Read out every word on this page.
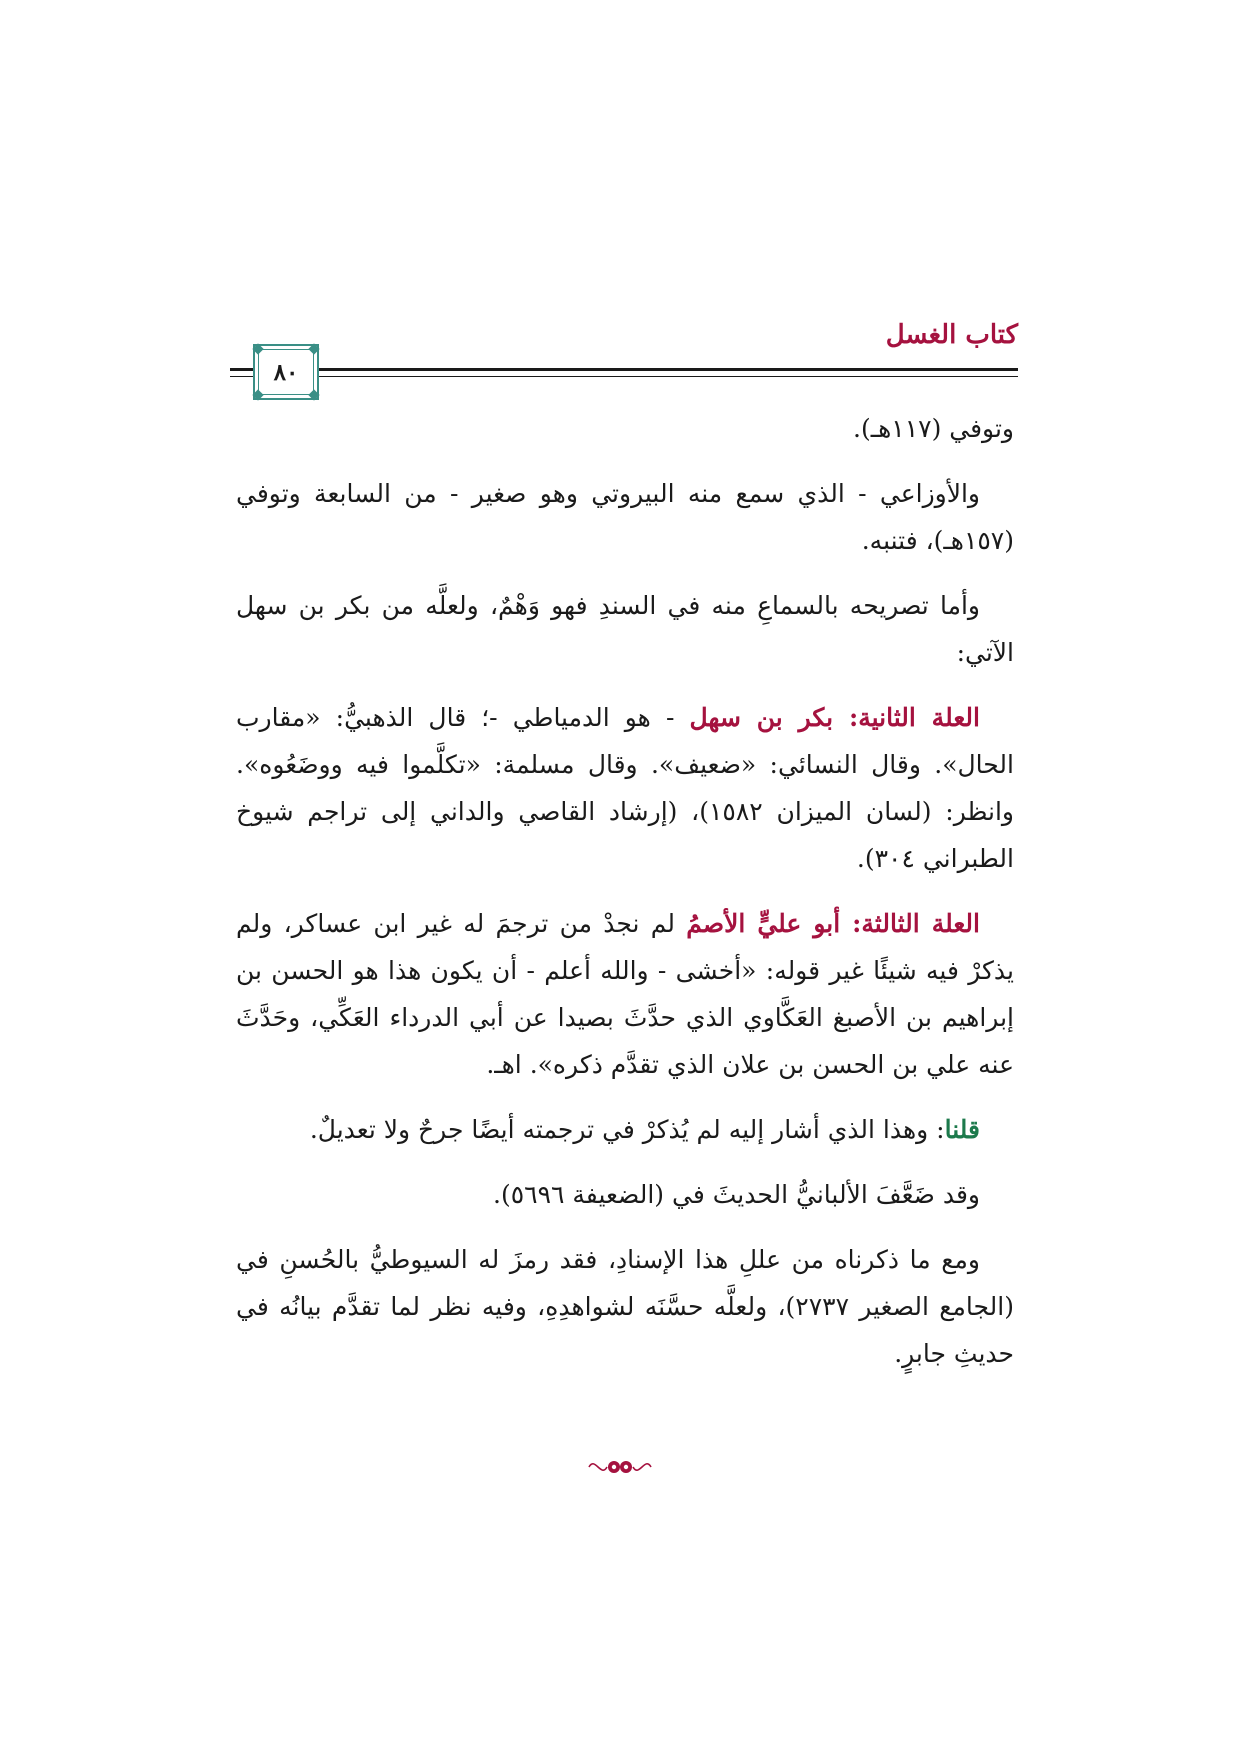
كتاب الغسل
٨٠

وتوفي (١١٧هـ).

والأوزاعي - الذي سمع منه البيروتي وهو صغير - من السابعة وتوفي (١٥٧هـ)، فتنبه.

وأما تصريحه بالسماعِ منه في السندِ فهو وَهْمٌ، ولعلَّه من بكر بن سهل الآتي:

العلة الثانية: بكر بن سهل - هو الدمياطي -؛ قال الذهبيُّ: «مقارب الحال». وقال النسائي: «ضعيف». وقال مسلمة: «تكلَّموا فيه ووضَعُوه». وانظر: (لسان الميزان ١٥٨٢)، (إرشاد القاصي والداني إلى تراجم شيوخ الطبراني ٣٠٤).

العلة الثالثة: أبو عليٍّ الأصمُ لم نجدْ من ترجمَ له غير ابن عساكر، ولم يذكرْ فيه شيئًا غير قوله: «أخشى - والله أعلم - أن يكون هذا هو الحسن بن إبراهيم بن الأصبغ العَكَّاوي الذي حدَّثَ بصيدا عن أبي الدرداء العَكِّي، وحَدَّثَ عنه علي بن الحسن بن علان الذي تقدَّم ذكره». اهـ.

قلنا: وهذا الذي أشار إليه لم يُذكرْ في ترجمته أيضًا جرحٌ ولا تعديلٌ.

وقد ضَعَّفَ الألبانيُّ الحديثَ في (الضعيفة ٥٦٩٦).

ومع ما ذكرناه من عللِ هذا الإسنادِ، فقد رمزَ له السيوطيُّ بالحُسنِ في (الجامع الصغير ٢٧٣٧)، ولعلَّه حسَّنَه لشواهدِهِ، وفيه نظر لما تقدَّم بيانُه في حديثِ جابرٍ.
